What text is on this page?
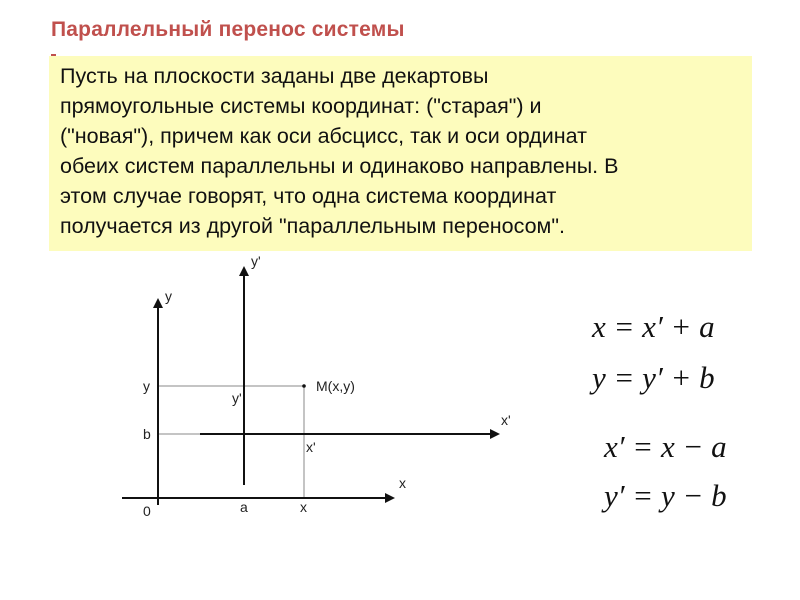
Параллельный перенос системы
Пусть на плоскости заданы две декартовы
прямоугольные системы координат: ("старая") и
("новая"), причем как оси абсцисс, так и оси ординат
обеих систем параллельны и одинаково направлены. В
этом случае говорят, что одна система координат
получается из другой "параллельным переносом".
y
y'
x
x'
0
y
b
a	x
y'
x'
M(x,y)
x = x′ + a
y = y′ + b
x′ = x − a
y′ = y − b
